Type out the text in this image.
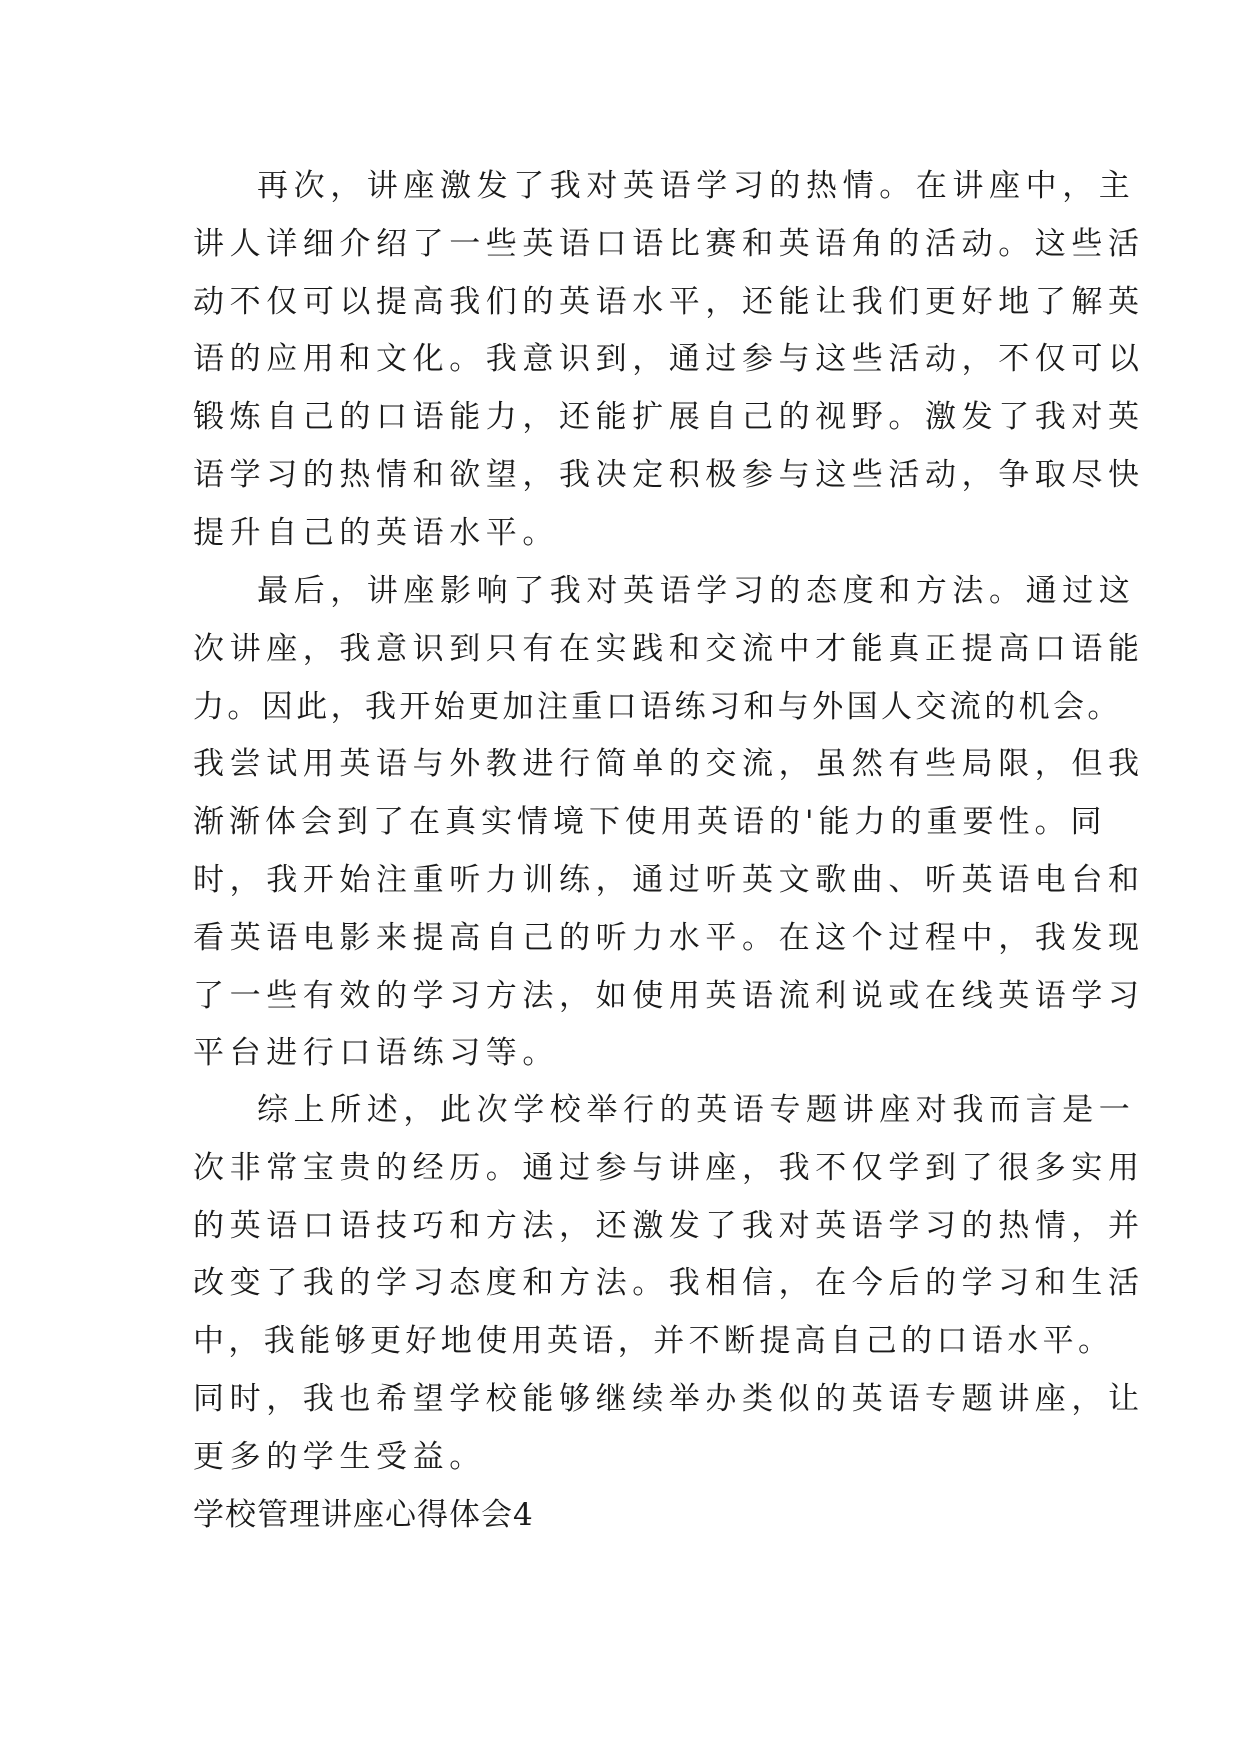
再次，讲座激发了我对英语学习的热情。在讲座中，主
讲人详细介绍了一些英语口语比赛和英语角的活动。这些活
动不仅可以提高我们的英语水平，还能让我们更好地了解英
语的应用和文化。我意识到，通过参与这些活动，不仅可以
锻炼自己的口语能力，还能扩展自己的视野。激发了我对英
语学习的热情和欲望，我决定积极参与这些活动，争取尽快
提升自己的英语水平。
最后，讲座影响了我对英语学习的态度和方法。通过这
次讲座，我意识到只有在实践和交流中才能真正提高口语能
力。因此，我开始更加注重口语练习和与外国人交流的机会。
我尝试用英语与外教进行简单的交流，虽然有些局限，但我
渐渐体会到了在真实情境下使用英语的'能力的重要性。同
时，我开始注重听力训练，通过听英文歌曲、听英语电台和
看英语电影来提高自己的听力水平。在这个过程中，我发现
了一些有效的学习方法，如使用英语流利说或在线英语学习
平台进行口语练习等。
综上所述，此次学校举行的英语专题讲座对我而言是一
次非常宝贵的经历。通过参与讲座，我不仅学到了很多实用
的英语口语技巧和方法，还激发了我对英语学习的热情，并
改变了我的学习态度和方法。我相信，在今后的学习和生活
中，我能够更好地使用英语，并不断提高自己的口语水平。
同时，我也希望学校能够继续举办类似的英语专题讲座，让
更多的学生受益。
学校管理讲座心得体会4
